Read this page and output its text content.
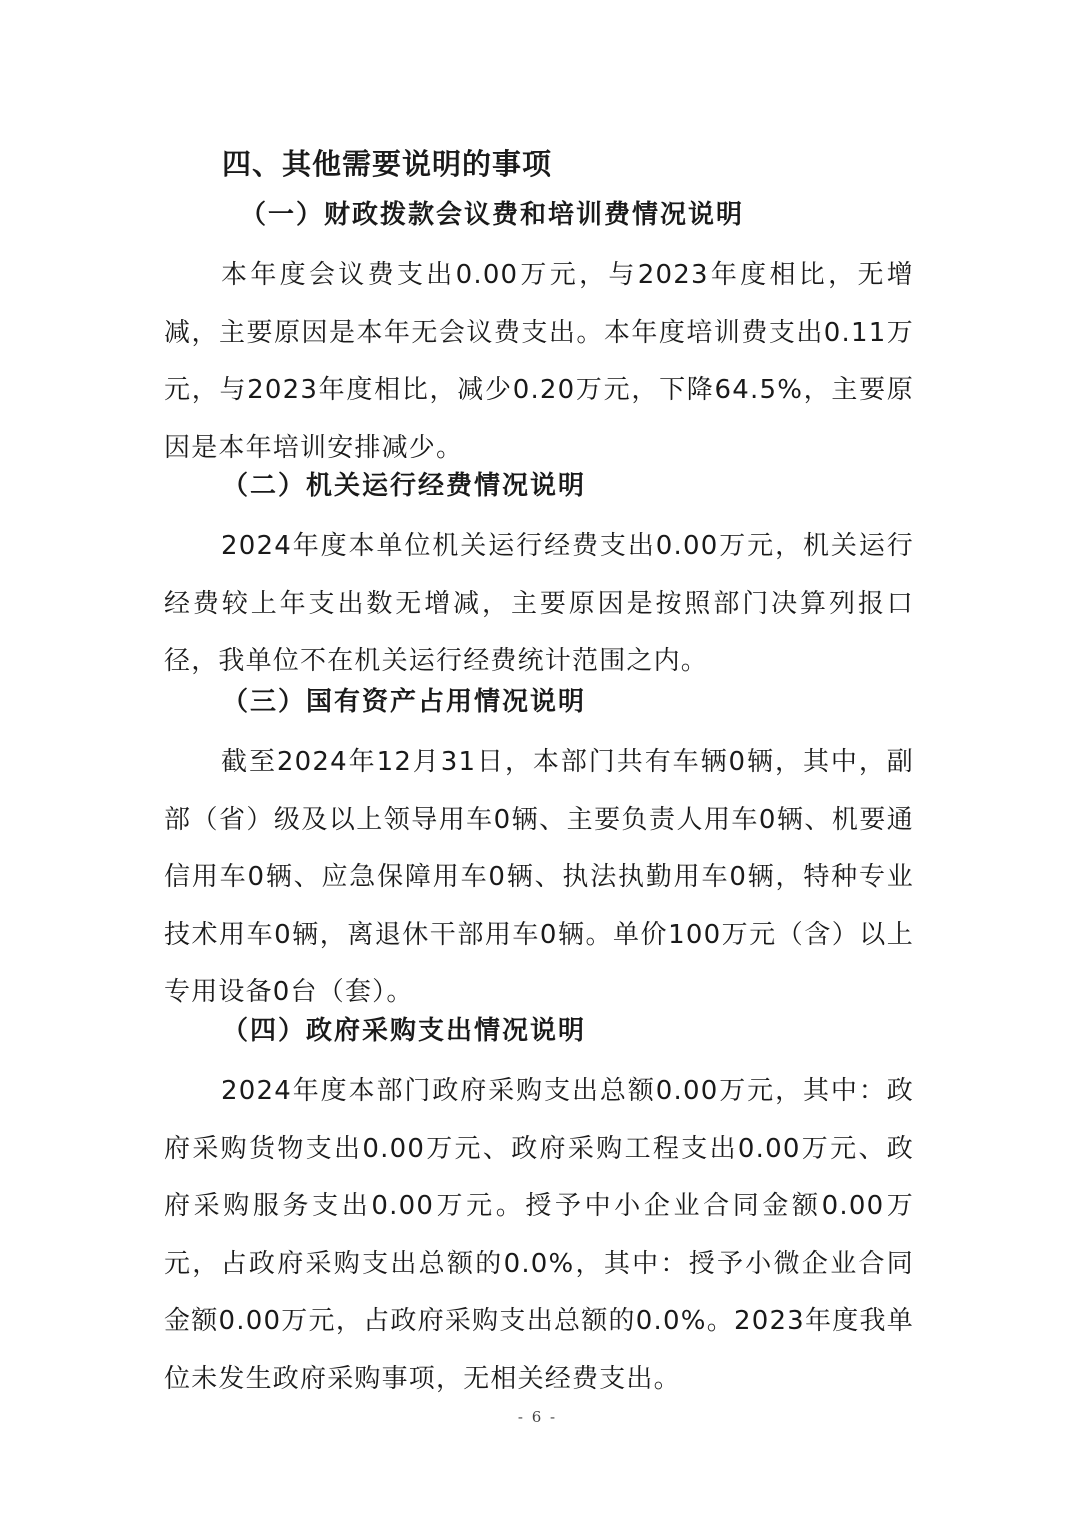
四、其他需要说明的事项
（一）财政拨款会议费和培训费情况说明

本年度会议费支出0.00万元，与2023年度相比，无增减，主要原因是本年无会议费支出。本年度培训费支出0.11万元，与2023年度相比，减少0.20万元，下降64.5%，主要原因是本年培训安排减少。

（二）机关运行经费情况说明

2024年度本单位机关运行经费支出0.00万元，机关运行经费较上年支出数无增减，主要原因是按照部门决算列报口径，我单位不在机关运行经费统计范围之内。

（三）国有资产占用情况说明

截至2024年12月31日，本部门共有车辆0辆，其中，副部（省）级及以上领导用车0辆、主要负责人用车0辆、机要通信用车0辆、应急保障用车0辆、执法执勤用车0辆，特种专业技术用车0辆，离退休干部用车0辆。单价100万元（含）以上专用设备0台（套）。

（四）政府采购支出情况说明

2024年度本部门政府采购支出总额0.00万元，其中：政府采购货物支出0.00万元、政府采购工程支出0.00万元、政府采购服务支出0.00万元。授予中小企业合同金额0.00万元，占政府采购支出总额的0.0%，其中：授予小微企业合同金额0.00万元，占政府采购支出总额的0.0%。2023年度我单位未发生政府采购事项，无相关经费支出。

- 6 -
